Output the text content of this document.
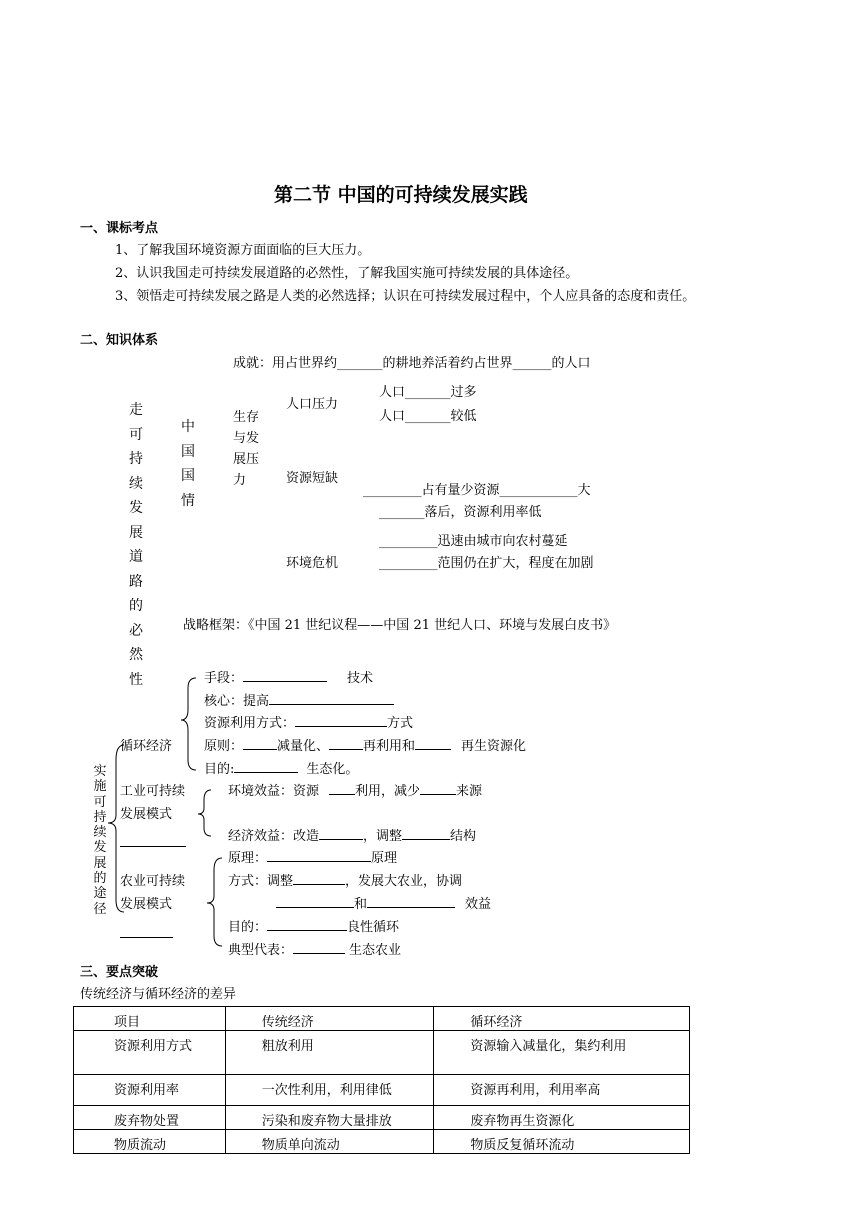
第二节 中国的可持续发展实践
一、课标考点
1、了解我国环境资源方面面临的巨大压力。
2、认识我国走可持续发展道路的必然性，了解我国实施可持续发展的具体途径。
3、领悟走可持续发展之路是人类的必然选择；认识在可持续发展过程中，个人应具备的态度和责任。
二、知识体系
成就：用占世界约_______的耕地养活着约占世界______的人口
走可持续发展道路的必然性
中国国情
生存与发展压力
人口压力
人口_______过多
人口_______较低
资源短缺
_________占有量少资源____________大
_______落后，资源利用率低
_________迅速由城市向农村蔓延
环境危机	_________范围仍在扩大，程度在加剧
战略框架：《中国 21 世纪议程——中国 21 世纪人口、环境与发展白皮书》
实施可持续发展的途径
循环经济
手段：	技术
核心：提高
资源利用方式：	方式
原则：	减量化、	再利用和	再生资源化
目的:	生态化。
工业可持续
发展模式
环境效益：资源	利用，减少	来源
经济效益：改造	，调整	结构
农业可持续
发展模式
原理：	原理
方式：调整	，发展大农业，协调
和	效益
目的：	良性循环
典型代表：	生态农业
三、要点突破
传统经济与循环经济的差异
项目	传统经济	循环经济
资源利用方式	粗放利用	资源输入减量化，集约利用
资源利用率	一次性利用，利用律低	资源再利用，利用率高
废弃物处置	污染和废弃物大量排放	废弃物再生资源化
物质流动	物质单向流动	物质反复循环流动
